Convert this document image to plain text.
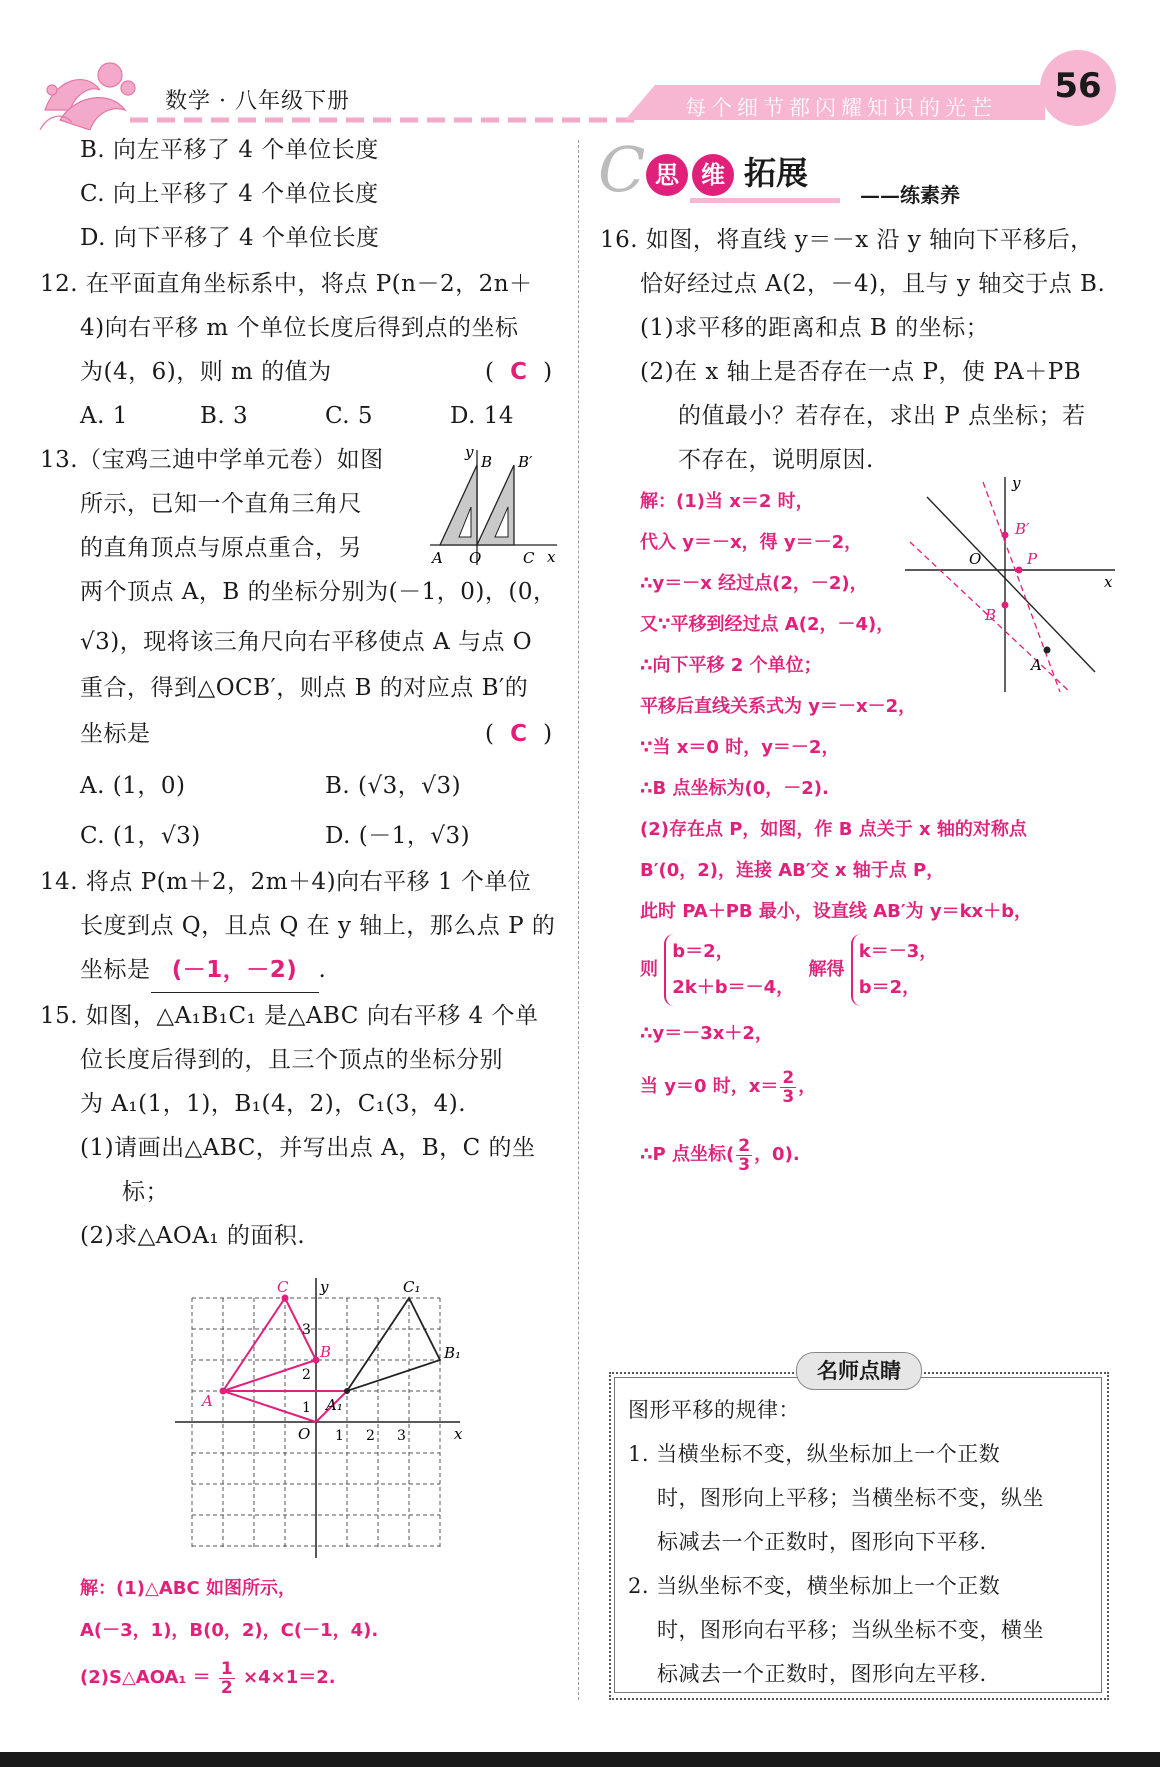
数学 · 八年级下册	每个细节都闪耀知识的光芒
56
B. 向左平移了 4 个单位长度
C. 向上平移了 4 个单位长度
D. 向下平移了 4 个单位长度
12. 在平面直角坐标系中，将点 P(n－2，2n＋
4)向右平移 m 个单位长度后得到点的坐标
为(4，6)，则 m 的值为	(  C  )
A. 1	B. 3	C. 5	D. 14
13.（宝鸡三迪中学单元卷）如图
所示，已知一个直角三角尺
的直角顶点与原点重合，另
两个顶点 A，B 的坐标分别为(－1，0)，(0，
√3)，现将该三角尺向右平移使点 A 与点 O
重合，得到△OCB′，则点 B 的对应点 B′的
坐标是	(  C  )
A. (1，0)	B. (√3，√3)
C. (1，√3)	D. (－1，√3)
y
B B′
A O	C x
14. 将点 P(m＋2，2m＋4)向右平移 1 个单位
长度到点 Q，且点 Q 在 y 轴上，那么点 P 的
坐标是 (－1，－2) .
15. 如图，△A₁B₁C₁ 是△ABC 向右平移 4 个单
位长度后得到的，且三个顶点的坐标分别
为 A₁(1，1)，B₁(4，2)，C₁(3，4).
(1)请画出△ABC，并写出点 A，B，C 的坐
标；
(2)求△AOA₁ 的面积.
C y	C₁
B	B₁
A	A₁
O	x
1 2 3
3
2
1
解：(1)△ABC 如图所示，
A(－3，1)，B(0，2)，C(－1，4).
(2)S△AOA₁ ＝ $\frac{1}{2} \times 4\times 1=2$.
C 思 维 拓展
——练素养
16. 如图，将直线 y＝－x 沿 y 轴向下平移后，
恰好经过点 A(2，－4)，且与 y 轴交于点 B.
(1)求平移的距离和点 B 的坐标；
(2)在 x 轴上是否存在一点 P，使 PA＋PB
的值最小？若存在，求出 P 点坐标；若
不存在，说明原因.
y
B′
O	P
x
B
A
解：(1)当 x＝2 时，
代入 y＝－x，得 y＝－2，
∴y＝－x 经过点(2，－2)，
又∵平移到经过点 A(2，－4)，
∴向下平移 2 个单位；
平移后直线关系式为 y＝－x－2，
∵当 x＝0 时，y＝－2，
∴B 点坐标为(0，－2).
(2)存在点 P，如图，作 B 点关于 x 轴的对称点
B′(0，2)，连接 AB′交 x 轴于点 P，
此时 PA＋PB 最小，设直线 AB′为 y＝kx＋b，
则 b＝2，
2k＋b＝－4， 解得 k＝－3，
b＝2，
∴y＝－3x＋2，
当 y＝0 时，$x= \frac{2}{3}$ ，
∴P 点坐标( $\frac{2}{3}$ ，0).
名师点睛
图形平移的规律：
1. 当横坐标不变，纵坐标加上一个正数
时，图形向上平移；当横坐标不变，纵坐
标减去一个正数时，图形向下平移.
2. 当纵坐标不变，横坐标加上一个正数
时，图形向右平移；当纵坐标不变，横坐
标减去一个正数时，图形向左平移.
